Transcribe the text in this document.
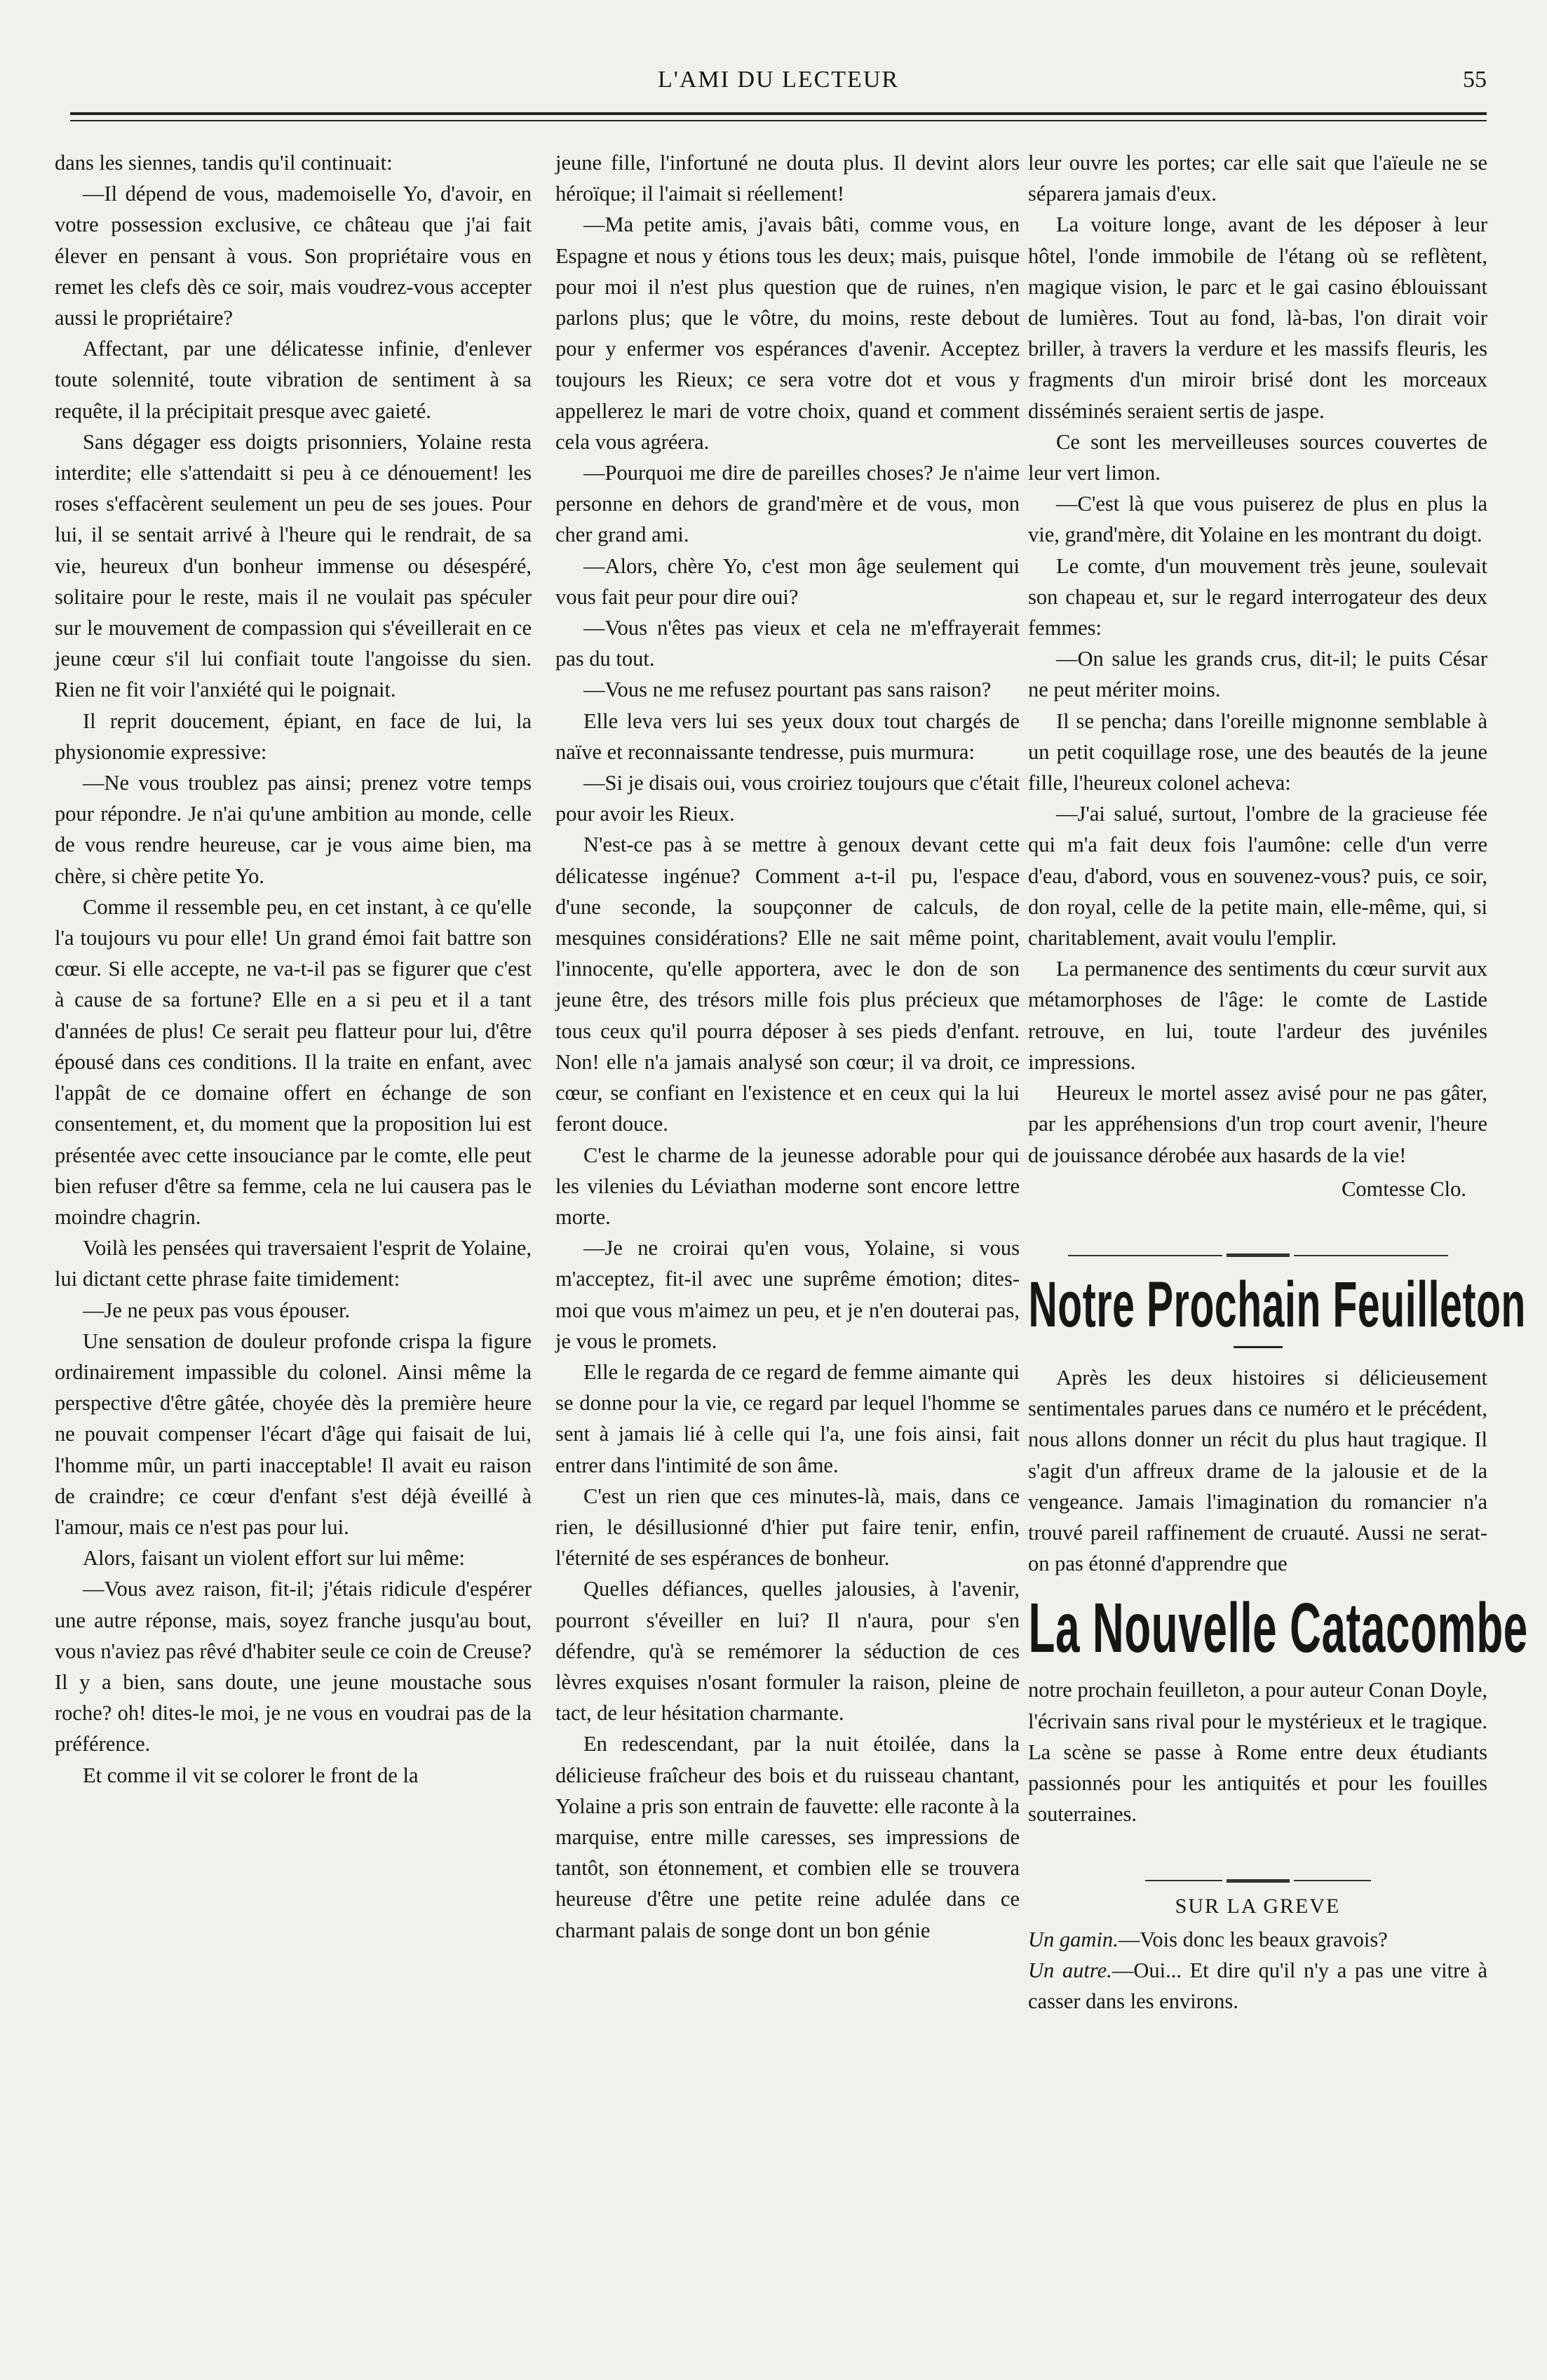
L'AMI DU LECTEUR	55

dans les siennes, tandis qu'il continuait:

—Il dépend de vous, mademoiselle Yo, d'avoir, en votre possession exclusive, ce château que j'ai fait élever en pensant à vous. Son propriétaire vous en remet les clefs dès ce soir, mais voudrez-vous accepter aussi le propriétaire?

Affectant, par une délicatesse infinie, d'enlever toute solennité, toute vibration de sentiment à sa requête, il la précipitait presque avec gaieté.

Sans dégager ess doigts prisonniers, Yolaine resta interdite; elle s'attendaitt si peu à ce dénouement! les roses s'effacèrent seulement un peu de ses joues. Pour lui, il se sentait arrivé à l'heure qui le rendrait, de sa vie, heureux d'un bonheur immense ou désespéré, solitaire pour le reste, mais il ne voulait pas spéculer sur le mouvement de compassion qui s'éveillerait en ce jeune cœur s'il lui confiait toute l'angoisse du sien. Rien ne fit voir l'anxiété qui le poignait.

Il reprit doucement, épiant, en face de lui, la physionomie expressive:

—Ne vous troublez pas ainsi; prenez votre temps pour répondre. Je n'ai qu'une ambition au monde, celle de vous rendre heureuse, car je vous aime bien, ma chère, si chère petite Yo.

Comme il ressemble peu, en cet instant, à ce qu'elle l'a toujours vu pour elle! Un grand émoi fait battre son cœur. Si elle accepte, ne va-t-il pas se figurer que c'est à cause de sa fortune? Elle en a si peu et il a tant d'années de plus! Ce serait peu flatteur pour lui, d'être épousé dans ces conditions. Il la traite en enfant, avec l'appât de ce domaine offert en échange de son consentement, et, du moment que la proposition lui est présentée avec cette insouciance par le comte, elle peut bien refuser d'être sa femme, cela ne lui causera pas le moindre chagrin.

Voilà les pensées qui traversaient l'esprit de Yolaine, lui dictant cette phrase faite timidement:

—Je ne peux pas vous épouser.

Une sensation de douleur profonde crispa la figure ordinairement impassible du colonel. Ainsi même la perspective d'être gâtée, choyée dès la première heure ne pouvait compenser l'écart d'âge qui faisait de lui, l'homme mûr, un parti inacceptable! Il avait eu raison de craindre; ce cœur d'enfant s'est déjà éveillé à l'amour, mais ce n'est pas pour lui.

Alors, faisant un violent effort sur lui même:

—Vous avez raison, fit-il; j'étais ridicule d'espérer une autre réponse, mais, soyez franche jusqu'au bout, vous n'aviez pas rêvé d'habiter seule ce coin de Creuse? Il y a bien, sans doute, une jeune moustache sous roche? oh! dites-le moi, je ne vous en voudrai pas de la préférence.

Et comme il vit se colorer le front de la

jeune fille, l'infortuné ne douta plus. Il devint alors héroïque; il l'aimait si réellement!

—Ma petite amis, j'avais bâti, comme vous, en Espagne et nous y étions tous les deux; mais, puisque pour moi il n'est plus question que de ruines, n'en parlons plus; que le vôtre, du moins, reste debout pour y enfermer vos espérances d'avenir. Acceptez toujours les Rieux; ce sera votre dot et vous y appellerez le mari de votre choix, quand et comment cela vous agréera.

—Pourquoi me dire de pareilles choses? Je n'aime personne en dehors de grand'mère et de vous, mon cher grand ami.

—Alors, chère Yo, c'est mon âge seulement qui vous fait peur pour dire oui?

—Vous n'êtes pas vieux et cela ne m'effrayerait pas du tout.

—Vous ne me refusez pourtant pas sans raison?

Elle leva vers lui ses yeux doux tout chargés de naïve et reconnaissante tendresse, puis murmura:

—Si je disais oui, vous croiriez toujours que c'était pour avoir les Rieux.

N'est-ce pas à se mettre à genoux devant cette délicatesse ingénue? Comment a-t-il pu, l'espace d'une seconde, la soupçonner de calculs, de mesquines considérations? Elle ne sait même point, l'innocente, qu'elle apportera, avec le don de son jeune être, des trésors mille fois plus précieux que tous ceux qu'il pourra déposer à ses pieds d'enfant. Non! elle n'a jamais analysé son cœur; il va droit, ce cœur, se confiant en l'existence et en ceux qui la lui feront douce.

C'est le charme de la jeunesse adorable pour qui les vilenies du Léviathan moderne sont encore lettre morte.

—Je ne croirai qu'en vous, Yolaine, si vous m'acceptez, fit-il avec une suprême émotion; dites-moi que vous m'aimez un peu, et je n'en douterai pas, je vous le promets.

Elle le regarda de ce regard de femme aimante qui se donne pour la vie, ce regard par lequel l'homme se sent à jamais lié à celle qui l'a, une fois ainsi, fait entrer dans l'intimité de son âme.

C'est un rien que ces minutes-là, mais, dans ce rien, le désillusionné d'hier put faire tenir, enfin, l'éternité de ses espérances de bonheur.

Quelles défiances, quelles jalousies, à l'avenir, pourront s'éveiller en lui? Il n'aura, pour s'en défendre, qu'à se remémorer la séduction de ces lèvres exquises n'osant formuler la raison, pleine de tact, de leur hésitation charmante.

En redescendant, par la nuit étoilée, dans la délicieuse fraîcheur des bois et du ruisseau chantant, Yolaine a pris son entrain de fauvette: elle raconte à la marquise, entre mille caresses, ses impressions de tantôt, son étonnement, et combien elle se trouvera heureuse d'être une petite reine adulée dans ce charmant palais de songe dont un bon génie

leur ouvre les portes; car elle sait que l'aïeule ne se séparera jamais d'eux.

La voiture longe, avant de les déposer à leur hôtel, l'onde immobile de l'étang où se reflètent, magique vision, le parc et le gai casino éblouissant de lumières. Tout au fond, là-bas, l'on dirait voir briller, à travers la verdure et les massifs fleuris, les fragments d'un miroir brisé dont les morceaux disséminés seraient sertis de jaspe.

Ce sont les merveilleuses sources couvertes de leur vert limon.

—C'est là que vous puiserez de plus en plus la vie, grand'mère, dit Yolaine en les montrant du doigt.

Le comte, d'un mouvement très jeune, soulevait son chapeau et, sur le regard interrogateur des deux femmes:

—On salue les grands crus, dit-il; le puits César ne peut mériter moins.

Il se pencha; dans l'oreille mignonne semblable à un petit coquillage rose, une des beautés de la jeune fille, l'heureux colonel acheva:

—J'ai salué, surtout, l'ombre de la gracieuse fée qui m'a fait deux fois l'aumône: celle d'un verre d'eau, d'abord, vous en souvenez-vous? puis, ce soir, don royal, celle de la petite main, elle-même, qui, si charitablement, avait voulu l'emplir.

La permanence des sentiments du cœur survit aux métamorphoses de l'âge: le comte de Lastide retrouve, en lui, toute l'ardeur des juvéniles impressions.

Heureux le mortel assez avisé pour ne pas gâter, par les appréhensions d'un trop court avenir, l'heure de jouissance dérobée aux hasards de la vie!

Comtesse Clo.
Notre Prochain Feuilleton

Après les deux histoires si délicieusement sentimentales parues dans ce numéro et le précédent, nous allons donner un récit du plus haut tragique. Il s'agit d'un affreux drame de la jalousie et de la vengeance. Jamais l'imagination du romancier n'a trouvé pareil raffinement de cruauté. Aussi ne serat-on pas étonné d'apprendre que

La Nouvelle Catacombe

notre prochain feuilleton, a pour auteur Conan Doyle, l'écrivain sans rival pour le mystérieux et le tragique. La scène se passe à Rome entre deux étudiants passionnés pour les antiquités et pour les fouilles souterraines.

SUR LA GREVE

Un gamin.—Vois donc les beaux gravois?

Un autre.—Oui... Et dire qu'il n'y a pas une vitre à casser dans les environs.
